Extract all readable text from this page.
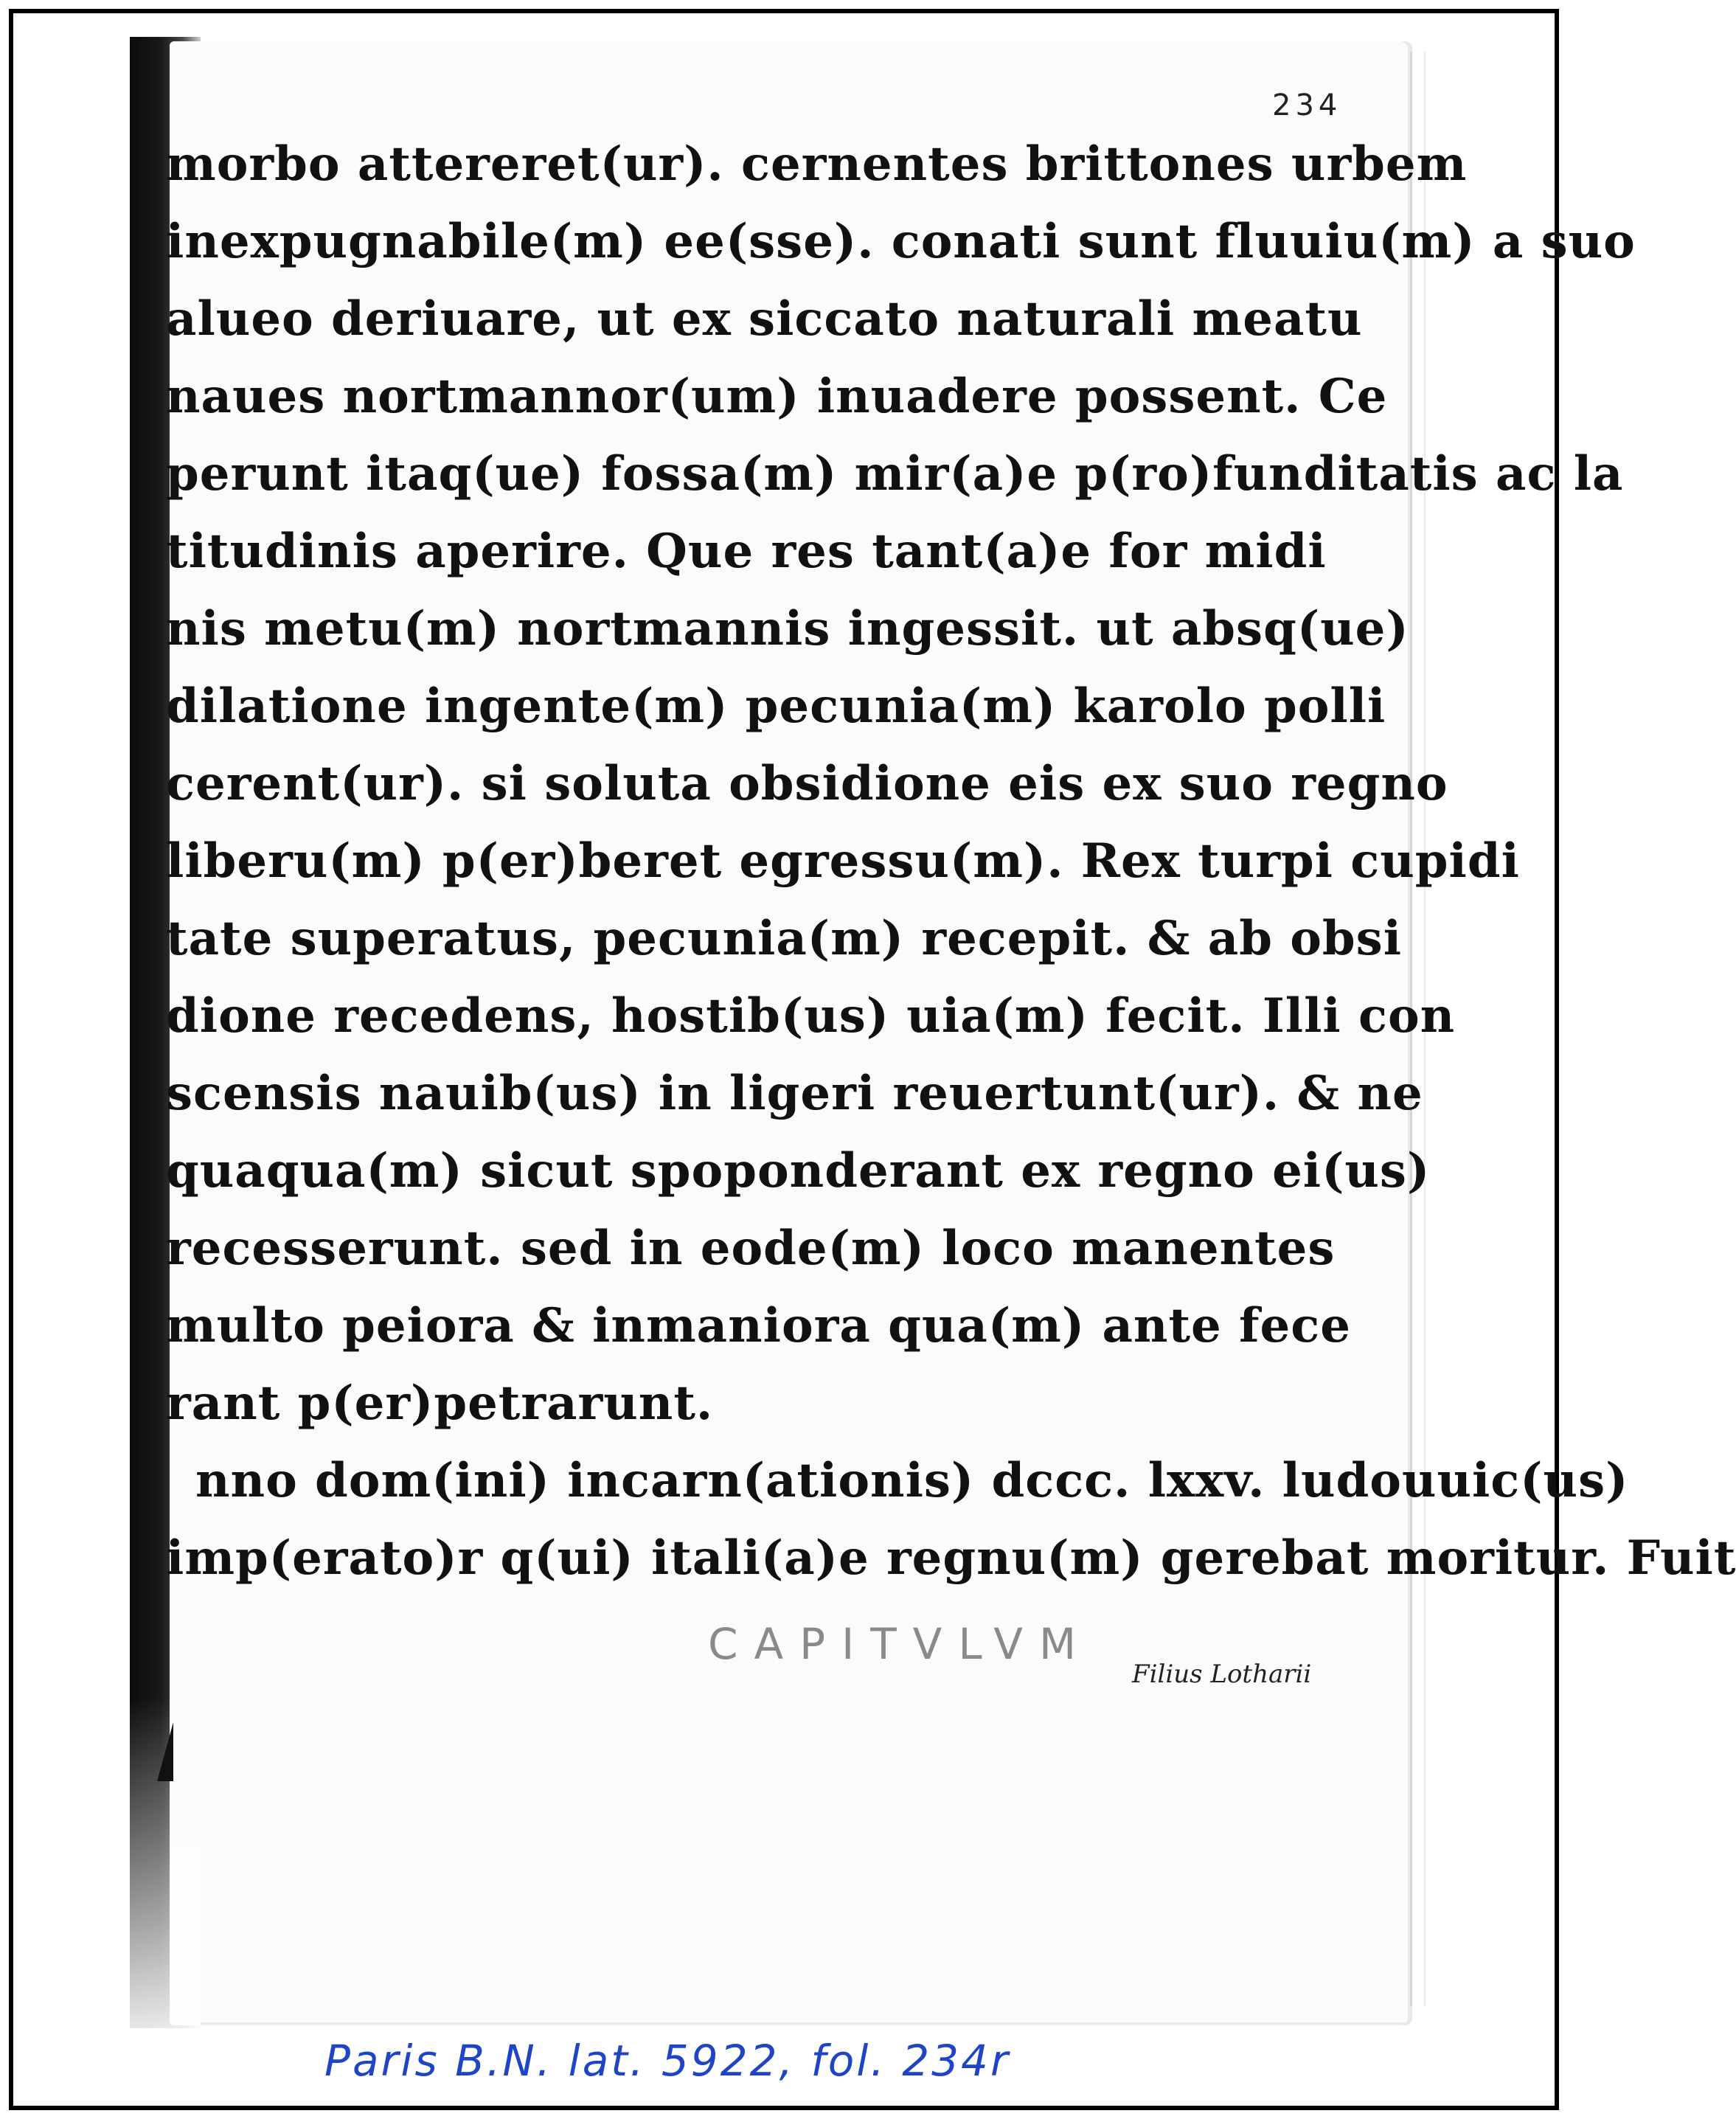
234
morbo attereret(ur). cernentes brittones urbem
inexpugnabile(m) ee(sse). conati sunt fluuiu(m) a suo
alueo deriuare, ut ex siccato naturali meatu
naues nortmannor(um) inuadere possent. Ce
perunt itaq(ue) fossa(m) mir(a)e p(ro)funditatis ac la
titudinis aperire. Que res tant(a)e for midi
nis metu(m) nortmannis ingessit. ut absq(ue)
dilatione ingente(m) pecunia(m) karolo polli
cerent(ur). si soluta obsidione eis ex suo regno
liberu(m) p(er)beret egressu(m). Rex turpi cupidi
tate superatus, pecunia(m) recepit. & ab obsi
dione recedens, hostib(us) uia(m) fecit. Illi con
scensis nauib(us) in ligeri reuertunt(ur). & ne
quaqua(m) sicut spoponderant ex regno ei(us)
recesserunt. sed in eode(m) loco manentes
multo peiora & inmaniora qua(m) ante fece
rant p(er)petrarunt.
nno dom(ini) incarn(ationis) dccc. lxxv. ludouuic(us)
imp(erato)r q(ui) itali(a)e regnu(m) gerebat moritur. Fuit
CAPITVLVM
Filius Lotharii
Paris B.N. lat. 5922, fol. 234r
